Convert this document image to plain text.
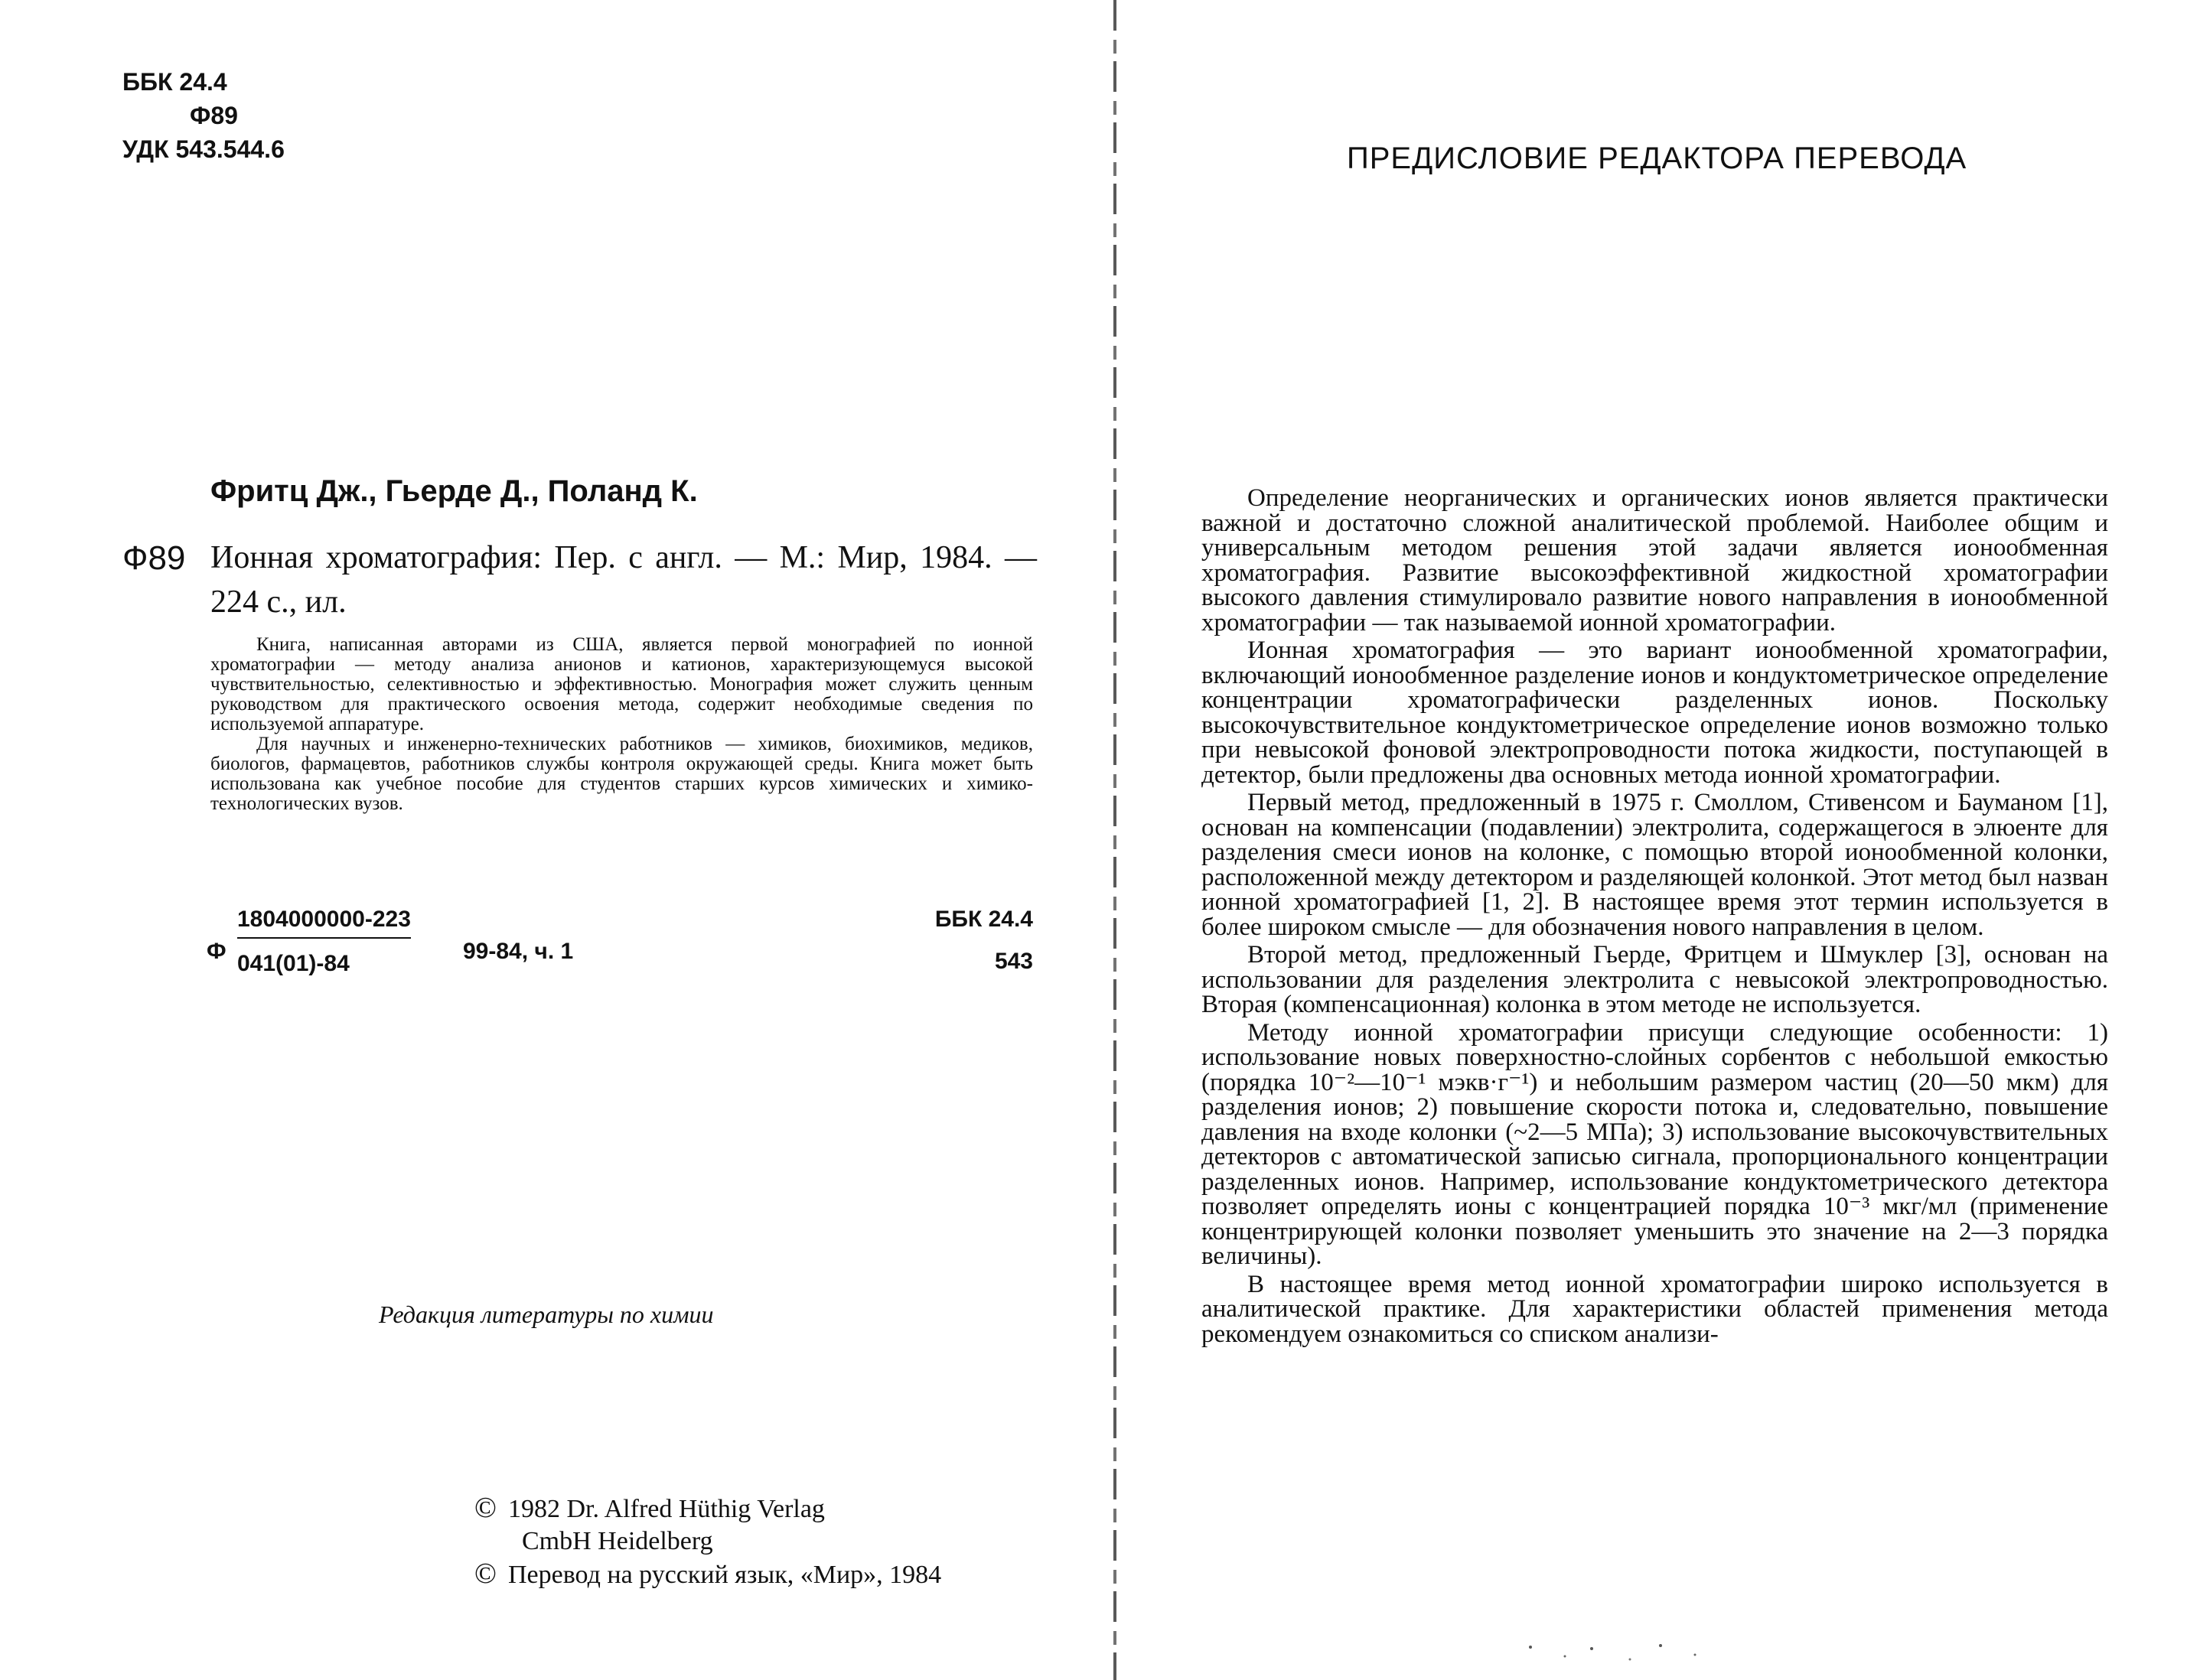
ББК 24.4
Ф89
УДК 543.544.6
Фритц Дж., Гьерде Д., Поланд К.
Ф89 Ионная хроматография: Пер. с англ. — М.: Мир, 1984. — 224 с., ил.

Книга, написанная авторами из США, является первой монографией по ионной хроматографии — методу анализа анионов и катионов, характеризующемуся высокой чувствительностью, селективностью и эффективностью. Монография может служить ценным руководством для практического освоения метода, содержит необходимые сведения по используемой аппаратуре.

Для научных и инженерно-технических работников — химиков, биохимиков, медиков, биологов, фармацевтов, работников службы контроля окружающей среды. Книга может быть использована как учебное пособие для студентов старших курсов химических и химико-технологических вузов.

Ф
1804000000-223
041(01)-84	99-84, ч. 1
ББК 24.4
543
Редакция литературы по химии
© 1982 Dr. Alfred Hüthig Verlag
CmbH Heidelberg
© Перевод на русский язык, «Мир», 1984
ПРЕДИСЛОВИЕ РЕДАКТОРА ПЕРЕВОДА

Определение неорганических и органических ионов является практически важной и достаточно сложной аналитической проблемой. Наиболее общим и универсальным методом решения этой задачи является ионообменная хроматография. Развитие высокоэффективной жидкостной хроматографии высокого давления стимулировало развитие нового направления в ионообменной хроматографии — так называемой ионной хроматографии.

Ионная хроматография — это вариант ионообменной хроматографии, включающий ионообменное разделение ионов и кондуктометрическое определение концентрации хроматографически разделенных ионов. Поскольку высокочувствительное кондуктометрическое определение ионов возможно только при невысокой фоновой электропроводности потока жидкости, поступающей в детектор, были предложены два основных метода ионной хроматографии.

Первый метод, предложенный в 1975 г. Смоллом, Стивенсом и Бауманом [1], основан на компенсации (подавлении) электролита, содержащегося в элюенте для разделения смеси ионов на колонке, с помощью второй ионообменной колонки, расположенной между детектором и разделяющей колонкой. Этот метод был назван ионной хроматографией [1, 2]. В настоящее время этот термин используется в более широком смысле — для обозначения нового направления в целом.

Второй метод, предложенный Гьерде, Фритцем и Шмуклер [3], основан на использовании для разделения электролита с невысокой электропроводностью. Вторая (компенсационная) колонка в этом методе не используется.

Методу ионной хроматографии присущи следующие особенности: 1) использование новых поверхностно-слойных сорбентов с небольшой емкостью (порядка 10⁻²—10⁻¹ мэкв·г⁻¹) и небольшим размером частиц (20—50 мкм) для разделения ионов; 2) повышение скорости потока и, следовательно, повышение давления на входе колонки (~2—5 МПа); 3) использование высокочувствительных детекторов с автоматической записью сигнала, пропорционального концентрации разделенных ионов. Например, использование кондуктометрического детектора позволяет определять ионы с концентрацией порядка 10⁻³ мкг/мл (применение концентрирующей колонки позволяет уменьшить это значение на 2—3 порядка величины).

В настоящее время метод ионной хроматографии широко используется в аналитической практике. Для характеристики областей применения метода рекомендуем ознакомиться со списком анализи-
